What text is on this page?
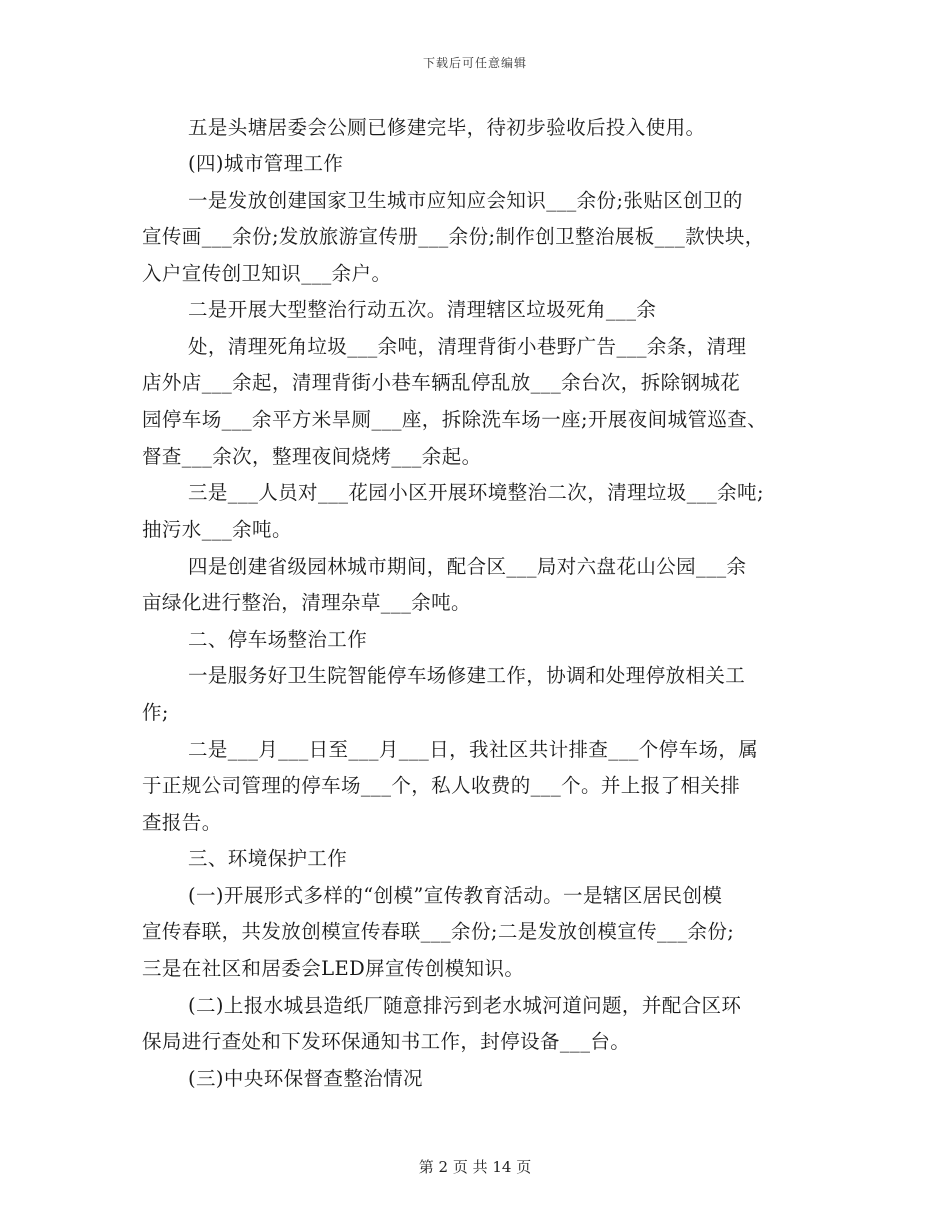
下载后可任意编辑
五是头塘居委会公厕已修建完毕，待初步验收后投入使用。
(四)城市管理工作
一是发放创建国家卫生城市应知应会知识___余份;张贴区创卫的
宣传画___余份;发放旅游宣传册___余份;制作创卫整治展板___款快块，
入户宣传创卫知识___余户。
二是开展大型整治行动五次。清理辖区垃圾死角___余
处，清理死角垃圾___余吨，清理背街小巷野广告___余条，清理
店外店___余起，清理背街小巷车辆乱停乱放___余台次，拆除钢城花
园停车场___余平方米旱厕___座，拆除洗车场一座;开展夜间城管巡查、
督查___余次，整理夜间烧烤___余起。
三是___人员对___花园小区开展环境整治二次，清理垃圾___余吨;
抽污水___余吨。
四是创建省级园林城市期间，配合区___局对六盘花山公园___余
亩绿化进行整治，清理杂草___余吨。
二、停车场整治工作
一是服务好卫生院智能停车场修建工作，协调和处理停放相关工
作;
二是___月___日至___月___日，我社区共计排查___个停车场，属
于正规公司管理的停车场___个，私人收费的___个。并上报了相关排
查报告。
三、环境保护工作
(一)开展形式多样的“创模”宣传教育活动。一是辖区居民创模
宣传春联，共发放创模宣传春联___余份;二是发放创模宣传___余份;
三是在社区和居委会LED屏宣传创模知识。
(二)上报水城县造纸厂随意排污到老水城河道问题，并配合区环
保局进行查处和下发环保通知书工作，封停设备___台。
(三)中央环保督查整治情况
第 2 页 共 14 页
